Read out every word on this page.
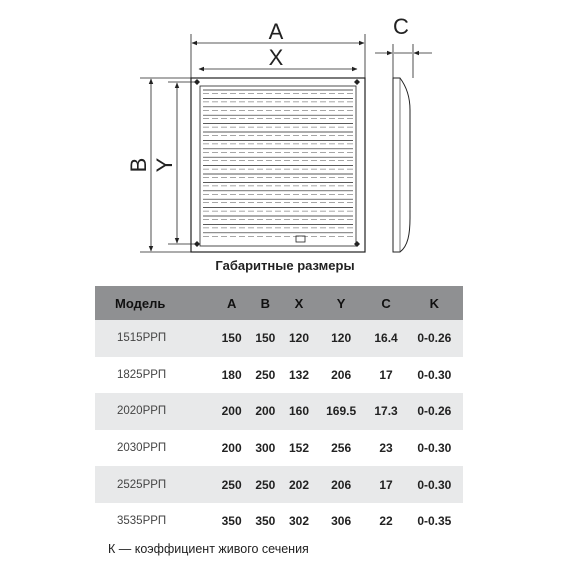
A
X
B Y
C
Габаритные размеры
Модель	A	B	X	Y	C	K
1515РРП	150	150	120	120	16.4	0-0.26
1825РРП	180	250	132	206	17	0-0.30
2020РРП	200	200	160	169.5	17.3	0-0.26
2030РРП	200	300	152	256	23	0-0.30
2525РРП	250	250	202	206	17	0-0.30
3535РРП	350	350	302	306	22	0-0.35
К — коэффициент живого сечения
